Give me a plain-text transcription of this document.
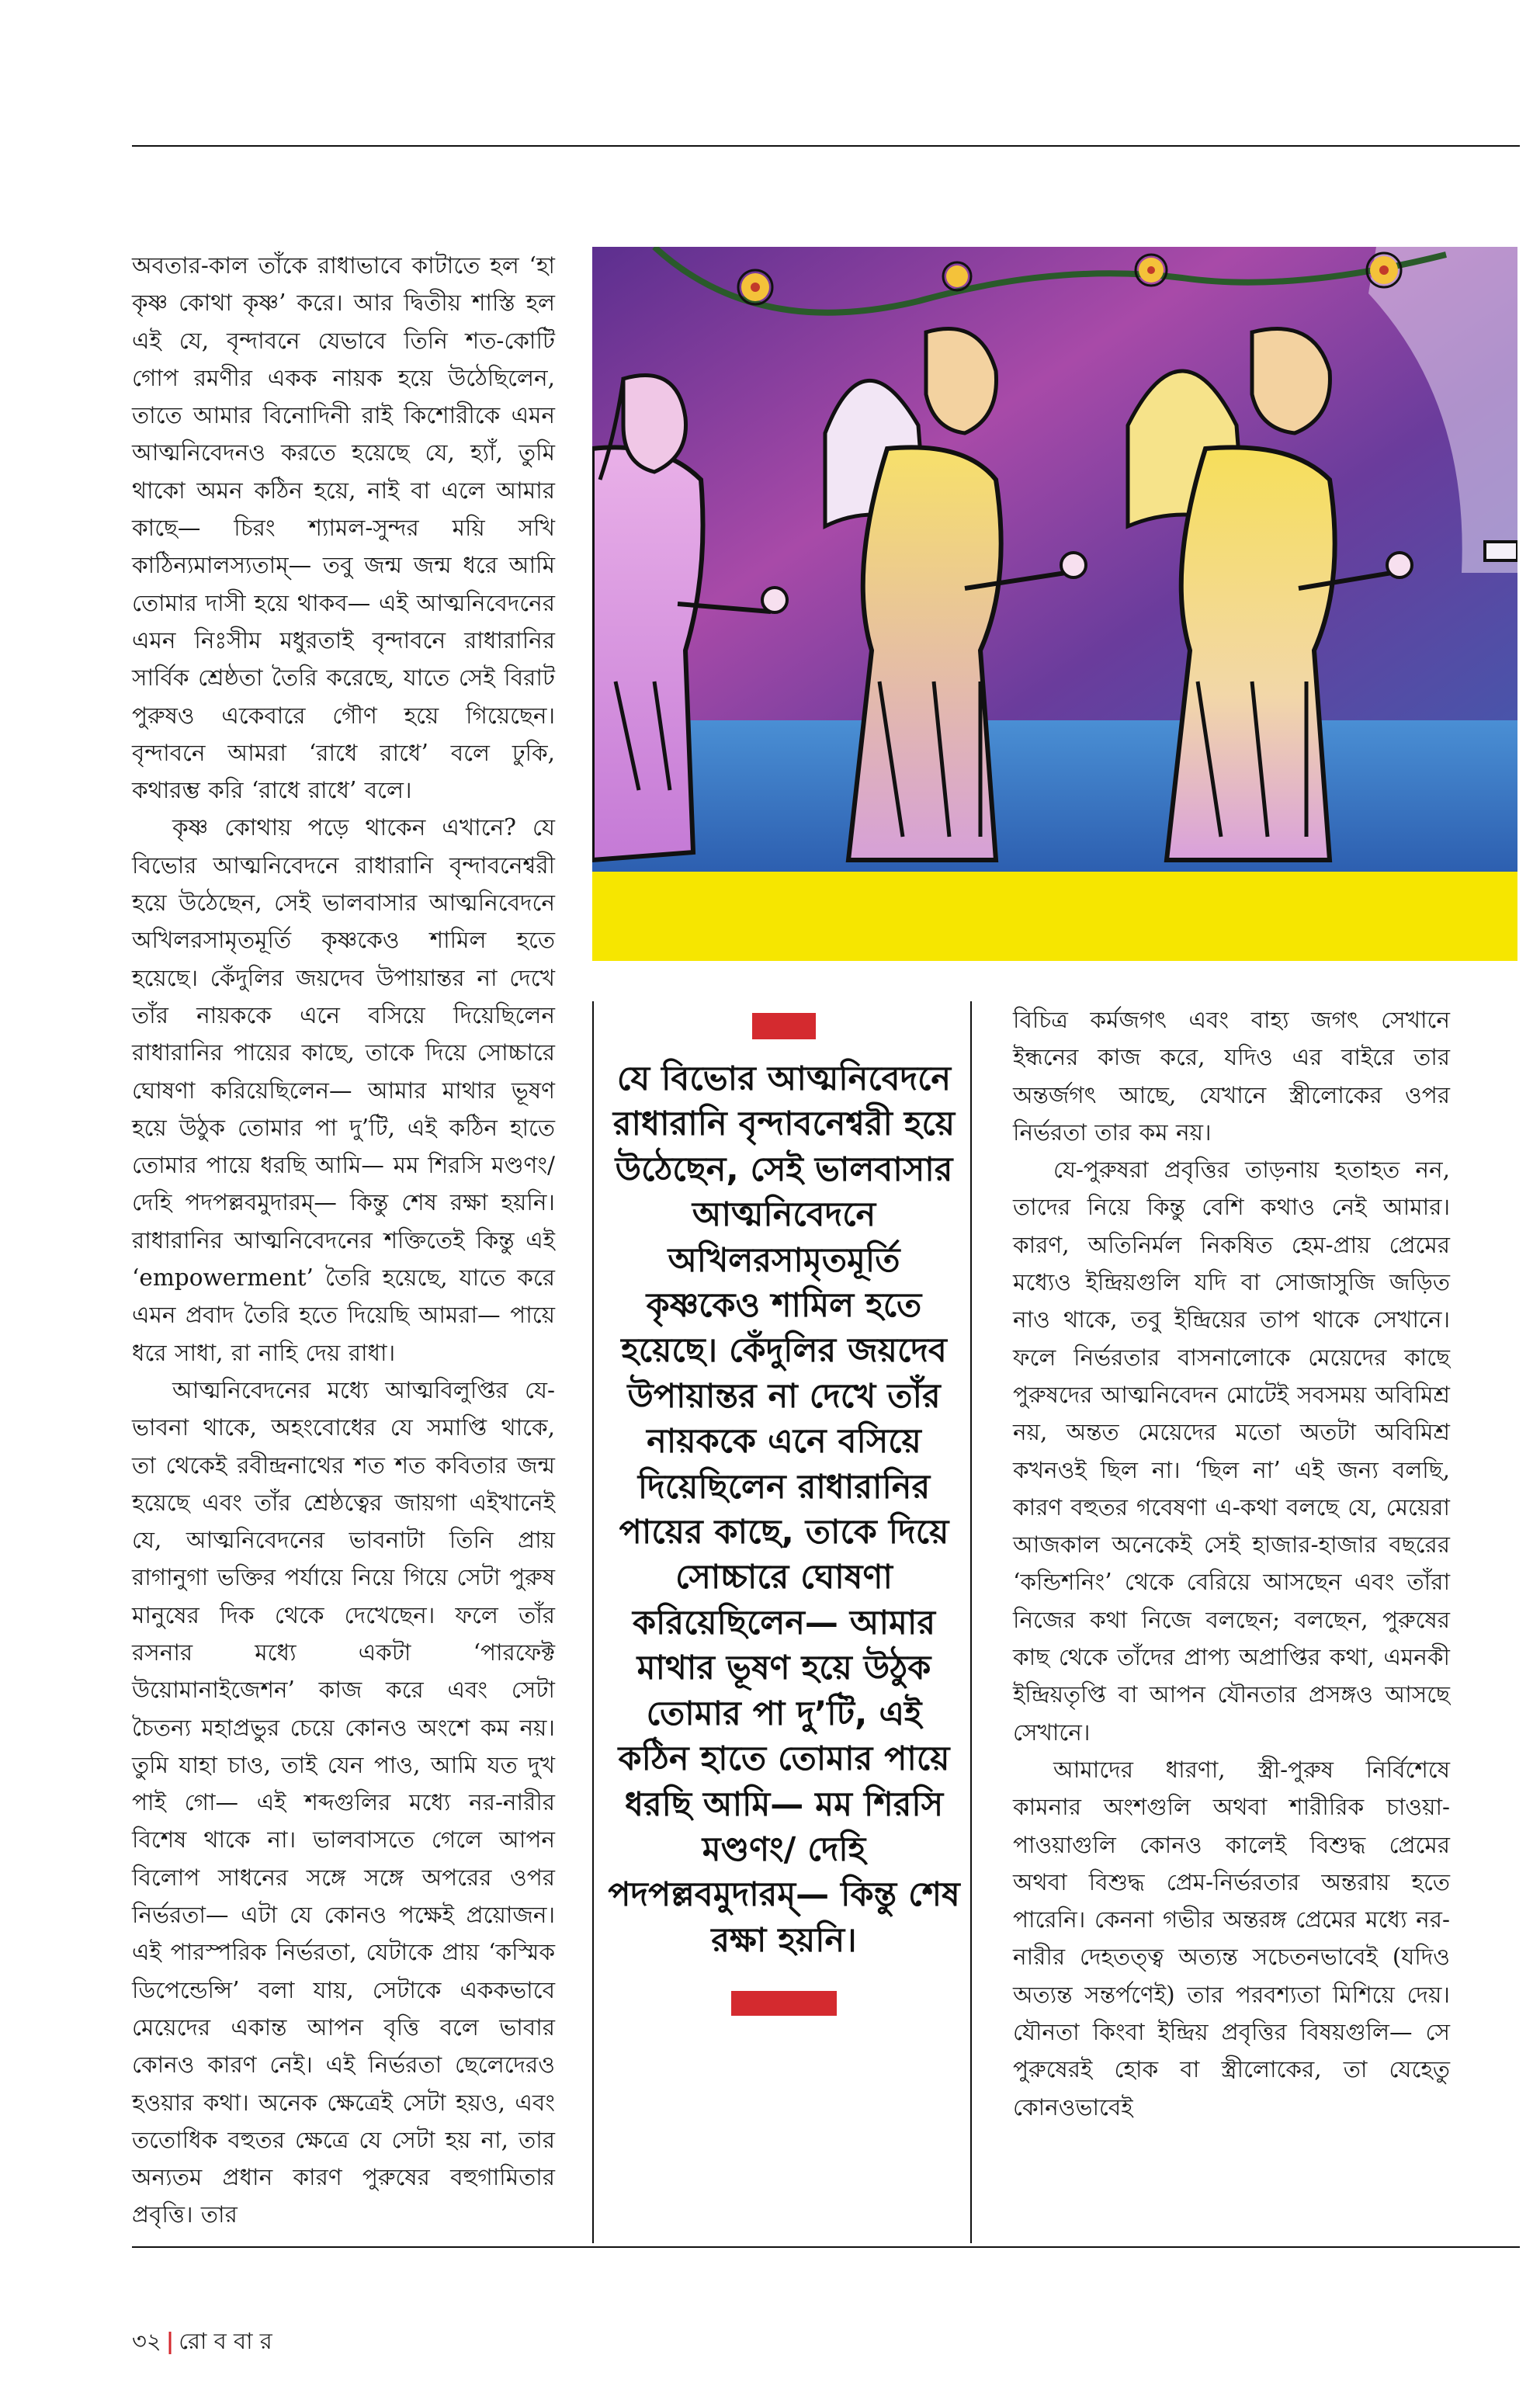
অবতার-কাল তাঁকে রাধাভাবে কাটাতে হল ‘হা কৃষ্ণ কোথা কৃষ্ণ’ করে। আর দ্বিতীয় শাস্তি হল এই যে, বৃন্দাবনে যেভাবে তিনি শত-কোটি গোপ রমণীর একক নায়ক হয়ে উঠেছিলেন, তাতে আমার বিনোদিনী রাই কিশোরীকে এমন আত্মনিবেদনও করতে হয়েছে যে, হ্যাঁ, তুমি থাকো অমন কঠিন হয়ে, নাই বা এলে আমার কাছে— চিরং শ্যামল-সুন্দর ময়ি সখি কাঠিন্যমালস্যতাম্— তবু জন্ম জন্ম ধরে আমি তোমার দাসী হয়ে থাকব— এই আত্মনিবেদনের এমন নিঃসীম মধুরতাই বৃন্দাবনে রাধারানির সার্বিক শ্রেষ্ঠতা তৈরি করেছে, যাতে সেই বিরাট পুরুষও একেবারে গৌণ হয়ে গিয়েছেন। বৃন্দাবনে আমরা ‘রাধে রাধে’ বলে ঢুকি, কথারম্ভ করি ‘রাধে রাধে’ বলে।

কৃষ্ণ কোথায় পড়ে থাকেন এখানে? যে বিভোর আত্মনিবেদনে রাধারানি বৃন্দাবনেশ্বরী হয়ে উঠেছেন, সেই ভালবাসার আত্মনিবেদনে অখিলরসামৃতমূর্তি কৃষ্ণকেও শামিল হতে হয়েছে। কেঁদুলির জয়দেব উপায়ান্তর না দেখে তাঁর নায়ককে এনে বসিয়ে দিয়েছিলেন রাধারানির পায়ের কাছে, তাকে দিয়ে সোচ্চারে ঘোষণা করিয়েছিলেন— আমার মাথার ভূষণ হয়ে উঠুক তোমার পা দু’টি, এই কঠিন হাতে তোমার পায়ে ধরছি আমি— মম শিরসি মণ্ডণং/ দেহি পদপল্লবমুদারম্— কিন্তু শেষ রক্ষা হয়নি। রাধারানির আত্মনিবেদনের শক্তিতেই কিন্তু এই ‘empowerment’ তৈরি হয়েছে, যাতে করে এমন প্রবাদ তৈরি হতে দিয়েছি আমরা— পায়ে ধরে সাধা, রা নাহি দেয় রাধা।

আত্মনিবেদনের মধ্যে আত্মবিলুপ্তির যে-ভাবনা থাকে, অহংবোধের যে সমাপ্তি থাকে, তা থেকেই রবীন্দ্রনাথের শত শত কবিতার জন্ম হয়েছে এবং তাঁর শ্রেষ্ঠত্বের জায়গা এইখানেই যে, আত্মনিবেদনের ভাবনাটা তিনি প্রায় রাগানুগা ভক্তির পর্যায়ে নিয়ে গিয়ে সেটা পুরুষ মানুষের দিক থেকে দেখেছেন। ফলে তাঁর রসনার মধ্যে একটা ‘পারফেক্ট উয়োমানাইজেশন’ কাজ করে এবং সেটা চৈতন্য মহাপ্রভুর চেয়ে কোনও অংশে কম নয়। তুমি যাহা চাও, তাই যেন পাও, আমি যত দুখ পাই গো— এই শব্দগুলির মধ্যে নর-নারীর বিশেষ থাকে না। ভালবাসতে গেলে আপন বিলোপ সাধনের সঙ্গে সঙ্গে অপরের ওপর নির্ভরতা— এটা যে কোনও পক্ষেই প্রয়োজন। এই পারস্পরিক নির্ভরতা, যেটাকে প্রায় ‘কস্মিক ডিপেন্ডেন্সি’ বলা যায়, সেটাকে এককভাবে মেয়েদের একান্ত আপন বৃত্তি বলে ভাবার কোনও কারণ নেই। এই নির্ভরতা ছেলেদেরও হওয়ার কথা। অনেক ক্ষেত্রেই সেটা হয়ও, এবং ততোধিক বহুতর ক্ষেত্রে যে সেটা হয় না, তার অন্যতম প্রধান কারণ পুরুষের বহুগামিতার প্রবৃত্তি। তার

যে বিভোর আত্মনিবেদনে রাধারানি বৃন্দাবনেশ্বরী হয়ে উঠেছেন, সেই ভালবাসার আত্মনিবেদনে অখিলরসামৃতমূর্তি কৃষ্ণকেও শামিল হতে হয়েছে। কেঁদুলির জয়দেব উপায়ান্তর না দেখে তাঁর নায়ককে এনে বসিয়ে দিয়েছিলেন রাধারানির পায়ের কাছে, তাকে দিয়ে সোচ্চারে ঘোষণা করিয়েছিলেন— আমার মাথার ভূষণ হয়ে উঠুক তোমার পা দু’টি, এই কঠিন হাতে তোমার পায়ে ধরছি আমি— মম শিরসি মণ্ডণং/ দেহি পদপল্লবমুদারম্— কিন্তু শেষ রক্ষা হয়নি।

বিচিত্র কর্মজগৎ এবং বাহ্য জগৎ সেখানে ইন্ধনের কাজ করে, যদিও এর বাইরে তার অন্তর্জগৎ আছে, যেখানে স্ত্রীলোকের ওপর নির্ভরতা তার কম নয়।

যে-পুরুষরা প্রবৃত্তির তাড়নায় হতাহত নন, তাদের নিয়ে কিন্তু বেশি কথাও নেই আমার। কারণ, অতিনির্মল নিকষিত হেম-প্রায় প্রেমের মধ্যেও ইন্দ্রিয়গুলি যদি বা সোজাসুজি জড়িত নাও থাকে, তবু ইন্দ্রিয়ের তাপ থাকে সেখানে। ফলে নির্ভরতার বাসনালোকে মেয়েদের কাছে পুরুষদের আত্মনিবেদন মোটেই সবসময় অবিমিশ্র নয়, অন্তত মেয়েদের মতো অতটা অবিমিশ্র কখনওই ছিল না। ‘ছিল না’ এই জন্য বলছি, কারণ বহুতর গবেষণা এ-কথা বলছে যে, মেয়েরা আজকাল অনেকেই সেই হাজার-হাজার বছরের ‘কন্ডিশনিং’ থেকে বেরিয়ে আসছেন এবং তাঁরা নিজের কথা নিজে বলছেন; বলছেন, পুরুষের কাছ থেকে তাঁদের প্রাপ্য অপ্রাপ্তির কথা, এমনকী ইন্দ্রিয়তৃপ্তি বা আপন যৌনতার প্রসঙ্গও আসছে সেখানে।

আমাদের ধারণা, স্ত্রী-পুরুষ নির্বিশেষে কামনার অংশগুলি অথবা শারীরিক চাওয়া-পাওয়াগুলি কোনও কালেই বিশুদ্ধ প্রেমের অথবা বিশুদ্ধ প্রেম-নির্ভরতার অন্তরায় হতে পারেনি। কেননা গভীর অন্তরঙ্গ প্রেমের মধ্যে নর-নারীর দেহতত্ত্ব অত্যন্ত সচেতনভাবেই (যদিও অত্যন্ত সন্তর্পণেই) তার পরবশ্যতা মিশিয়ে দেয়। যৌনতা কিংবা ইন্দ্রিয় প্রবৃত্তির বিষয়গুলি— সে পুরুষেরই হোক বা স্ত্রীলোকের, তা যেহেতু কোনওভাবেই

৩২ | রো ব বা র
